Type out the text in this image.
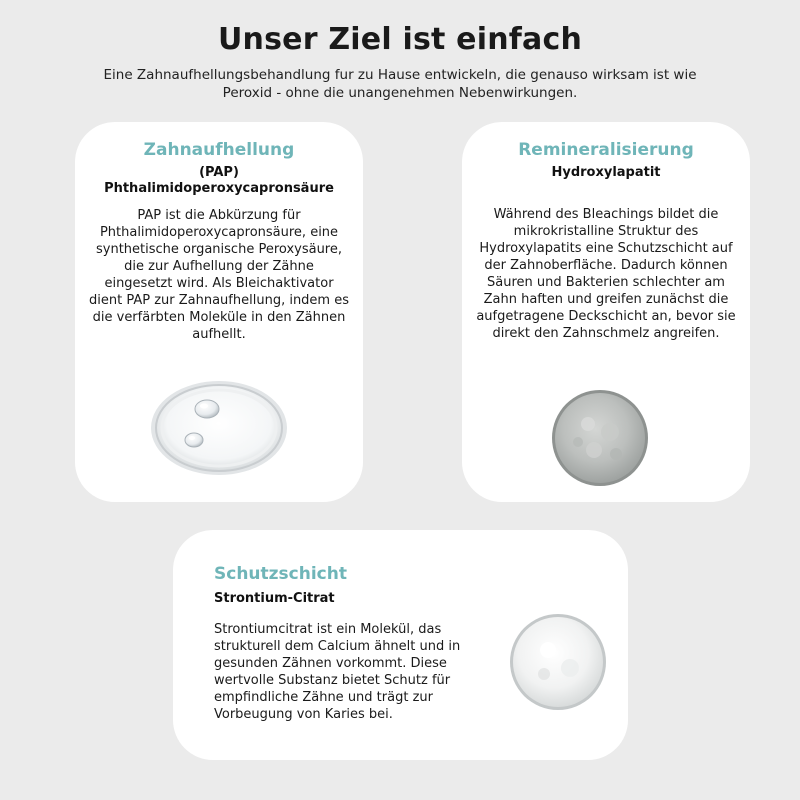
Unser Ziel ist einfach

Eine Zahnaufhellungsbehandlung fur zu Hause entwickeln, die genauso wirksam ist wie Peroxid - ohne die unangenehmen Nebenwirkungen.

Zahnaufhellung

(PAP)

Phthalimidoperoxycapronsäure

PAP ist die Abkürzung für Phthalimidoperoxycapronsäure, eine synthetische organische Peroxysäure, die zur Aufhellung der Zähne eingesetzt wird. Als Bleichaktivator dient PAP zur Zahnaufhellung, indem es die verfärbten Moleküle in den Zähnen aufhellt.

Remineralisierung

Hydroxylapatit

Während des Bleachings bildet die mikrokristalline Struktur des Hydroxylapatits eine Schutzschicht auf der Zahnoberfläche. Dadurch können Säuren und Bakterien schlechter am Zahn haften und greifen zunächst die aufgetragene Deckschicht an, bevor sie direkt den Zahnschmelz angreifen.

Schutzschicht

Strontium-Citrat

Strontiumcitrat ist ein Molekül, das strukturell dem Calcium ähnelt und in gesunden Zähnen vorkommt. Diese wertvolle Substanz bietet Schutz für empfindliche Zähne und trägt zur Vorbeugung von Karies bei.
